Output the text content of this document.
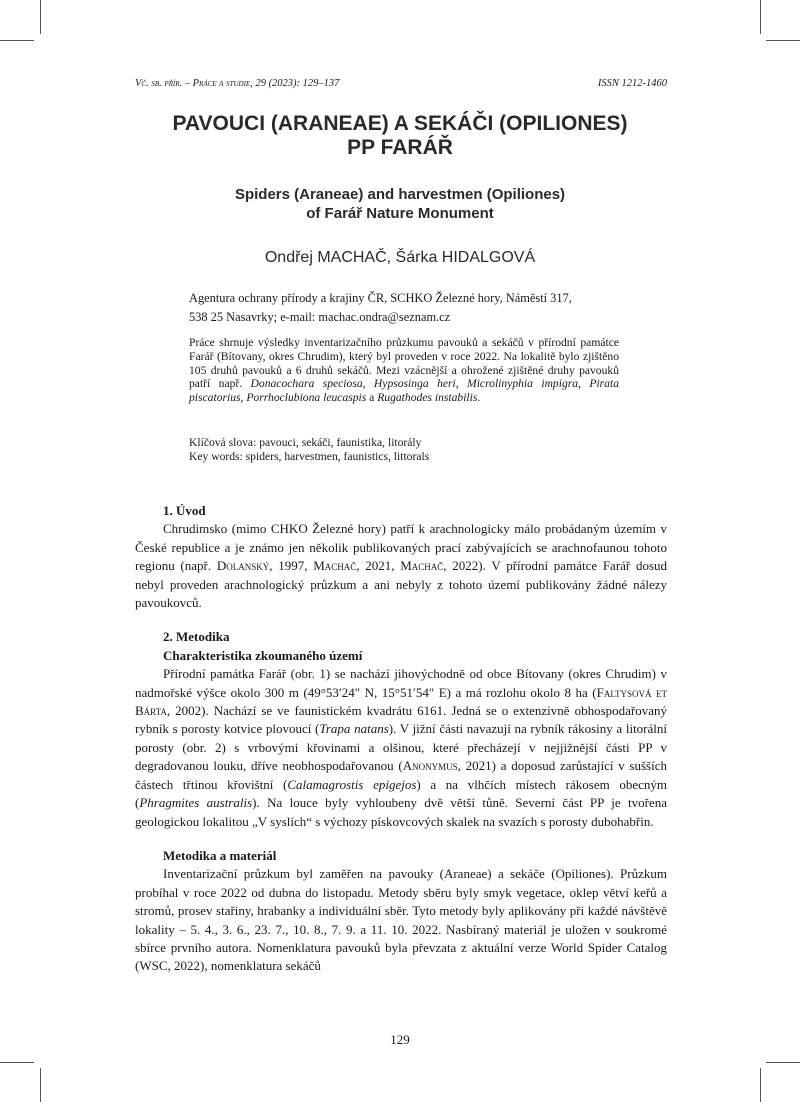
Vč. sb. přír. – Práce a studie, 29 (2023): 129–137	ISSN 1212-1460
PAVOUCI (ARANEAE) A SEKÁČI (OPILIONES)
PP FARÁŘ
Spiders (Araneae) and harvestmen (Opiliones)
of Farář Nature Monument
Ondřej MACHAČ, Šárka HIDALGOVÁ
Agentura ochrany přírody a krajiny ČR, SCHKO Železné hory, Náměstí 317,
538 25 Nasavrky; e-mail: machac.ondra@seznam.cz
Práce shrnuje výsledky inventarizačního průzkumu pavouků a sekáčů v přírodní památce Farář (Bítovany, okres Chrudim), který byl proveden v roce 2022. Na lokalitě bylo zjištěno 105 druhů pavouků a 6 druhů sekáčů. Mezi vzácnější a ohrožené zjištěné druhy pavouků patří např. Donacochara speciosa, Hypsosinga heri, Microlinyphia impigra, Pirata piscatorius, Porrhoclubiona leucaspis a Rugathodes instabilis.
Klíčová slova: pavouci, sekáči, faunistika, litorály
Key words: spiders, harvestmen, faunistics, littorals
1. Úvod

Chrudimsko (mimo CHKO Železné hory) patří k arachnologicky málo probádaným územím v České republice a je známo jen několik publikovaných prací zabývajících se arachnofaunou tohoto regionu (např. Dolanský, 1997, Machač, 2021, Machač, 2022). V přírodní památce Farář dosud nebyl proveden arachnologický průzkum a ani nebyly z tohoto území publikovány žádné nálezy pavoukovců.

2. Metodika
Charakteristika zkoumaného území

Přírodní památka Farář (obr. 1) se nachází jihovýchodně od obce Bítovany (okres Chrudim) v nadmořské výšce okolo 300 m (49°53′24″ N, 15°51′54″ E) a má rozlohu okolo 8 ha (Faltysová et Bárta, 2002). Nachází se ve faunistickém kvadrátu 6161. Jedná se o extenzivně obhospodařovaný rybník s porosty kotvice plovoucí (Trapa natans). V jižní části navazují na rybník rákosiny a litorální porosty (obr. 2) s vrbovými křovinami a olšinou, které přecházejí v nejjižnější části PP v degradovanou louku, dříve neobhospodařovanou (Anonymus, 2021) a doposud zarůstající v sušších částech třtinou křovištní (Calamagrostis epigejos) a na vlhčích místech rákosem obecným (Phragmites australis). Na louce byly vyhloubeny dvě větší tůně. Severní část PP je tvořena geologickou lokalitou „V syslích“ s výchozy pískovcových skalek na svazích s porosty dubohabřin.

Metodika a materiál

Inventarizační průzkum byl zaměřen na pavouky (Araneae) a sekáče (Opiliones). Průzkum probíhal v roce 2022 od dubna do listopadu. Metody sběru byly smyk vegetace, oklep větví keřů a stromů, prosev stařiny, hrabanky a individuální sběr. Tyto metody byly aplikovány při každé návštěvě lokality – 5. 4., 3. 6., 23. 7., 10. 8., 7. 9. a 11. 10. 2022. Nasbíraný materiál je uložen v soukromé sbírce prvního autora. Nomenklatura pavouků byla převzata z aktuální verze World Spider Catalog (WSC, 2022), nomenklatura sekáčů

129
